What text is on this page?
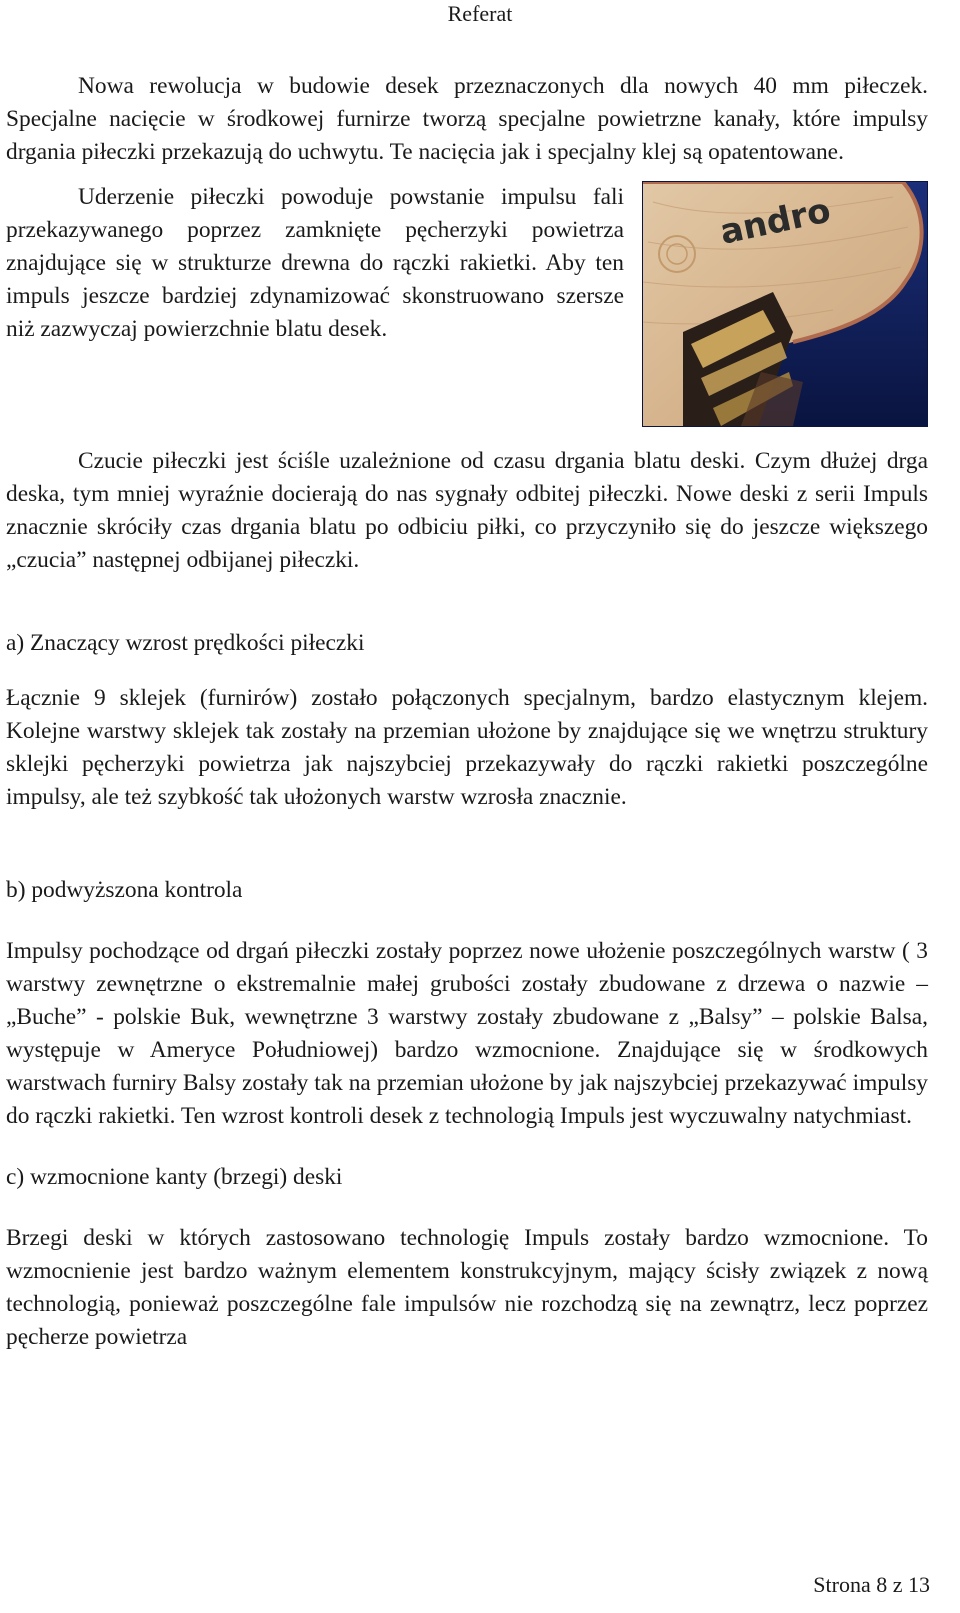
Referat

Nowa rewolucja w budowie desek przeznaczonych dla nowych 40 mm piłeczek. Specjalne nacięcie w środkowej furnirze tworzą specjalne powietrzne kanały, które impulsy drgania piłeczki przekazują do uchwytu. Te nacięcia jak i specjalny klej są opatentowane.

andro

Uderzenie piłeczki powoduje powstanie impulsu fali przekazywanego poprzez zamknięte pęcherzyki powietrza znajdujące się w strukturze drewna do rączki rakietki. Aby ten impuls jeszcze bardziej zdynamizować skonstruowano szersze niż zazwyczaj powierzchnie blatu desek.

Czucie piłeczki jest ściśle uzależnione od czasu drgania blatu deski. Czym dłużej drga deska, tym mniej wyraźnie docierają do nas sygnały odbitej piłeczki. Nowe deski z serii Impuls znacznie skróciły czas drgania blatu po odbiciu piłki, co przyczyniło się do jeszcze większego „czucia” następnej odbijanej piłeczki.

a) Znaczący wzrost prędkości piłeczki

Łącznie 9 sklejek (furnirów) zostało połączonych specjalnym, bardzo elastycznym klejem. Kolejne warstwy sklejek tak zostały na przemian ułożone by znajdujące się we wnętrzu struktury sklejki pęcherzyki powietrza jak najszybciej przekazywały do rączki rakietki poszczególne impulsy, ale też szybkość tak ułożonych warstw wzrosła znacznie.

b) podwyższona kontrola

Impulsy pochodzące od drgań piłeczki zostały poprzez nowe ułożenie poszczególnych warstw ( 3 warstwy zewnętrzne o ekstremalnie małej grubości zostały zbudowane z drzewa o nazwie – „Buche” - polskie Buk, wewnętrzne 3 warstwy zostały zbudowane z „Balsy” – polskie Balsa, występuje w Ameryce Południowej) bardzo wzmocnione. Znajdujące się w środkowych warstwach furniry Balsy zostały tak na przemian ułożone by jak najszybciej przekazywać impulsy do rączki rakietki. Ten wzrost kontroli desek z technologią Impuls jest wyczuwalny natychmiast.

c) wzmocnione kanty (brzegi) deski

Brzegi deski w których zastosowano technologię Impuls zostały bardzo wzmocnione. To wzmocnienie jest bardzo ważnym elementem konstrukcyjnym, mający ścisły związek z nową technologią, ponieważ poszczególne fale impulsów nie rozchodzą się na zewnątrz, lecz poprzez pęcherze powietrza

Strona 8 z 13
